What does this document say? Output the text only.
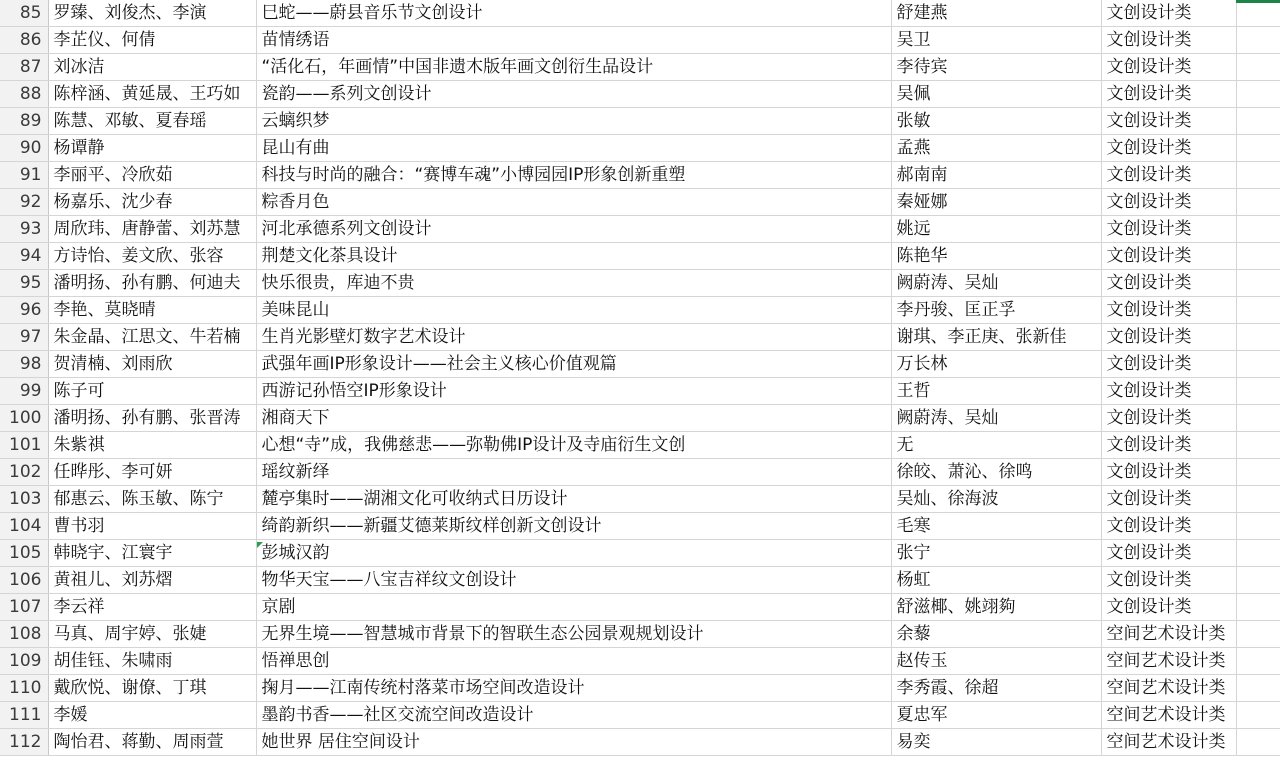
85	罗臻、刘俊杰、李演	巳蛇——蔚县音乐节文创设计	舒建燕	文创设计类	
86	李芷仪、何倩	苗情绣语	吴卫	文创设计类	
87	刘冰洁	“活化石，年画情”中国非遗木版年画文创衍生品设计	李待宾	文创设计类	
88	陈梓涵、黄延晟、王巧如	瓷韵——系列文创设计	吴佩	文创设计类	
89	陈慧、邓敏、夏春瑶	云螭织梦	张敏	文创设计类	
90	杨谭静	昆山有曲	孟燕	文创设计类	
91	李丽平、冷欣茹	科技与时尚的融合：“赛博车魂”小博园园IP形象创新重塑	郝南南	文创设计类	
92	杨嘉乐、沈少春	粽香月色	秦娅娜	文创设计类	
93	周欣玮、唐静蕾、刘苏慧	河北承德系列文创设计	姚远	文创设计类	
94	方诗怡、姜文欣、张容	荆楚文化茶具设计	陈艳华	文创设计类	
95	潘明扬、孙有鹏、何迪夫	快乐很贵，库迪不贵	阙蔚涛、吴灿	文创设计类	
96	李艳、莫晓晴	美味昆山	李丹骏、匡正孚	文创设计类	
97	朱金晶、江思文、牛若楠	生肖光影壁灯数字艺术设计	谢琪、李正庚、张新佳	文创设计类	
98	贺清楠、刘雨欣	武强年画IP形象设计——社会主义核心价值观篇	万长林	文创设计类	
99	陈子可	西游记孙悟空IP形象设计	王哲	文创设计类	
100	潘明扬、孙有鹏、张晋涛	湘商天下	阙蔚涛、吴灿	文创设计类	
101	朱紫祺	心想“寺”成，我佛慈悲——弥勒佛IP设计及寺庙衍生文创	无	文创设计类	
102	任晔彤、李可妍	瑶纹新绎	徐皎、萧沁、徐鸣	文创设计类	
103	郁惠云、陈玉敏、陈宁	麓亭集时——湖湘文化可收纳式日历设计	吴灿、徐海波	文创设计类	
104	曹书羽	绮韵新织——新疆艾德莱斯纹样创新文创设计	毛寒	文创设计类	
105	韩晓宇、江寰宇	彭城汉韵	张宁	文创设计类	
106	黄祖儿、刘苏熠	物华天宝——八宝吉祥纹文创设计	杨虹	文创设计类	
107	李云祥	京剧	舒滋椰、姚翊夠	文创设计类	
108	马真、周宇婷、张婕	无界生境——智慧城市背景下的智联生态公园景观规划设计	余藜	空间艺术设计类	
109	胡佳钰、朱啸雨	悟禅思创	赵传玉	空间艺术设计类	
110	戴欣悦、谢僚、丁琪	掬月——江南传统村落菜市场空间改造设计	李秀霞、徐超	空间艺术设计类	
111	李媛	墨韵书香——社区交流空间改造设计	夏忠军	空间艺术设计类	
112	陶怡君、蒋勤、周雨萱	她世界 居住空间设计	易奕	空间艺术设计类	
